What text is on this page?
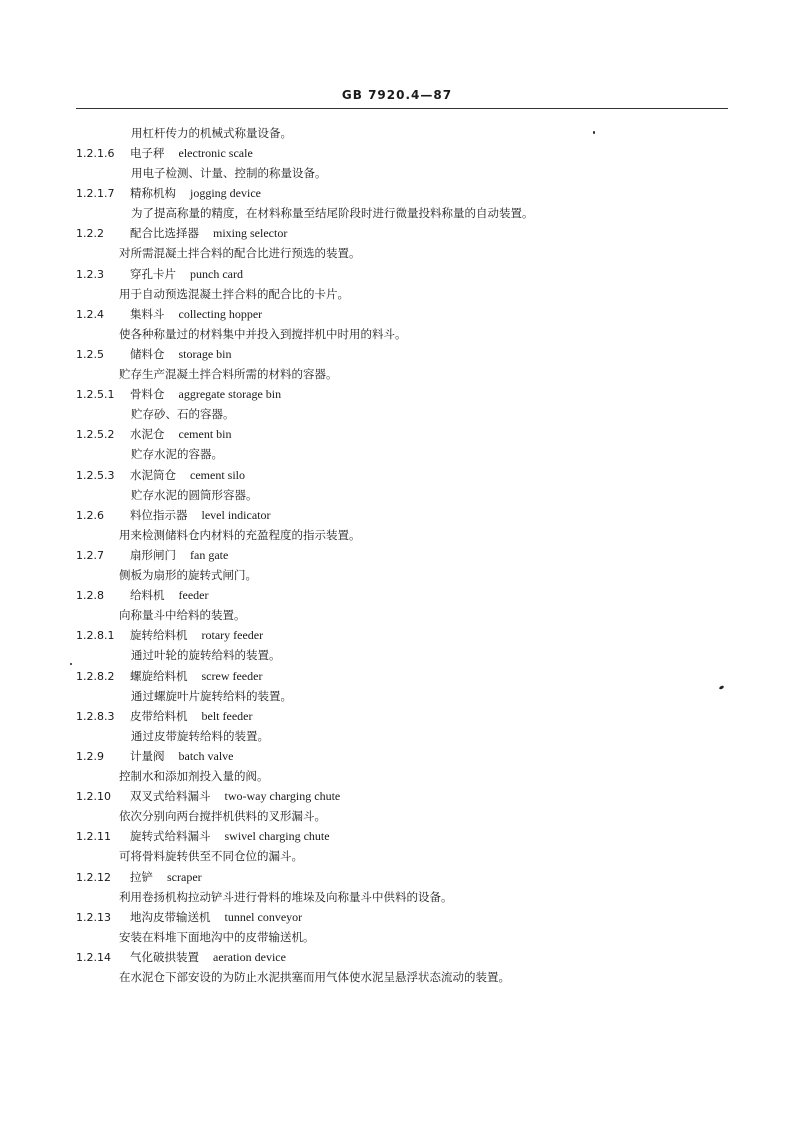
GB 7920.4—87
用杠杆传力的机械式称量设备。
1.2.1.6 电子秤 electronic scale
用电子检测、计量、控制的称量设备。
1.2.1.7 精称机构 jogging device
为了提高称量的精度，在材料称量至结尾阶段时进行微量投料称量的自动装置。
1.2.2 配合比选择器 mixing selector
对所需混凝土拌合料的配合比进行预选的装置。
1.2.3 穿孔卡片 punch card
用于自动预选混凝土拌合料的配合比的卡片。
1.2.4 集料斗 collecting hopper
使各种称量过的材料集中并投入到搅拌机中时用的料斗。
1.2.5 储料仓 storage bin
贮存生产混凝土拌合料所需的材料的容器。
1.2.5.1 骨料仓 aggregate storage bin
贮存砂、石的容器。
1.2.5.2 水泥仓 cement bin
贮存水泥的容器。
1.2.5.3 水泥筒仓 cement silo
贮存水泥的圆筒形容器。
1.2.6 料位指示器 level indicator
用来检测储料仓内材料的充盈程度的指示装置。
1.2.7 扇形闸门 fan gate
侧板为扇形的旋转式闸门。
1.2.8 给料机 feeder
向称量斗中给料的装置。
1.2.8.1 旋转给料机 rotary feeder
通过叶轮的旋转给料的装置。
1.2.8.2 螺旋给料机 screw feeder
通过螺旋叶片旋转给料的装置。
1.2.8.3 皮带给料机 belt feeder
通过皮带旋转给料的装置。
1.2.9 计量阀 batch valve
控制水和添加剂投入量的阀。
1.2.10 双叉式给料漏斗 two-way charging chute
依次分别向两台搅拌机供料的叉形漏斗。
1.2.11 旋转式给料漏斗 swivel charging chute
可将骨料旋转供至不同仓位的漏斗。
1.2.12 拉铲 scraper
利用卷扬机构拉动铲斗进行骨料的堆垛及向称量斗中供料的设备。
1.2.13 地沟皮带输送机 tunnel conveyor
安装在料堆下面地沟中的皮带输送机。
1.2.14 气化破拱装置 aeration device
在水泥仓下部安设的为防止水泥拱塞而用气体使水泥呈悬浮状态流动的装置。
